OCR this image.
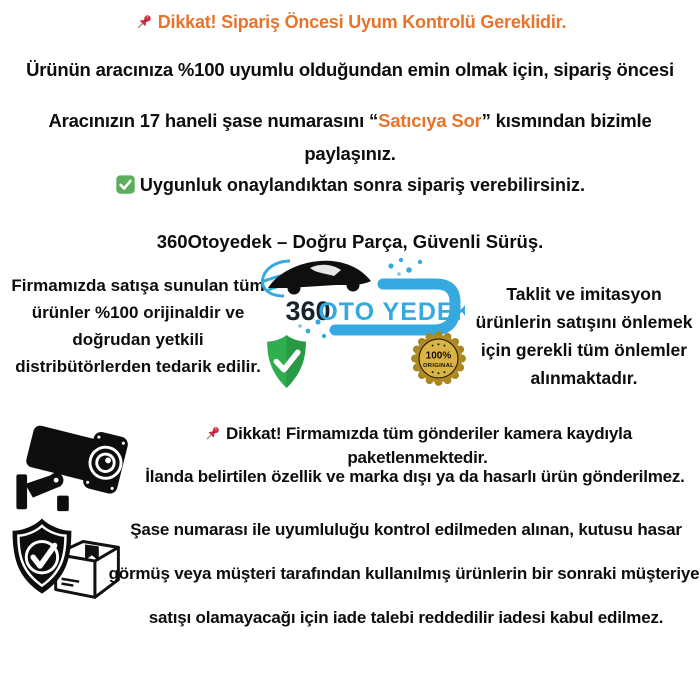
Dikkat! Sipariş Öncesi Uyum Kontrolü Gereklidir.
Ürünün aracınıza %100 uyumlu olduğundan emin olmak için, sipariş öncesi
Aracınızın 17 haneli şase numarasını “Satıcıya Sor” kısmından bizimle
paylaşınız.
Uygunluk onaylandıktan sonra sipariş verebilirsiniz.
360Otoyedek – Doğru Parça, Güvenli Sürüş.
Firmamızda satışa sunulan tüm
ürünler %100 orijinaldir ve
doğrudan yetkili
distribütörlerden tedarik edilir.
Taklit ve imitasyon
ürünlerin satışını önlemek
için gerekli tüm önlemler
alınmaktadır.
360
OTO YEDEK
100%
ORIGINAL
Dikkat! Firmamızda tüm gönderiler kamera kaydıyla paketlenmektedir.
İlanda belirtilen özellik ve marka dışı ya da hasarlı ürün gönderilmez.
Şase numarası ile uyumluluğu kontrol edilmeden alınan, kutusu hasar
görmüş veya müşteri tarafından kullanılmış ürünlerin bir sonraki müşteriye
satışı olamayacağı için iade talebi reddedilir iadesi kabul edilmez.
